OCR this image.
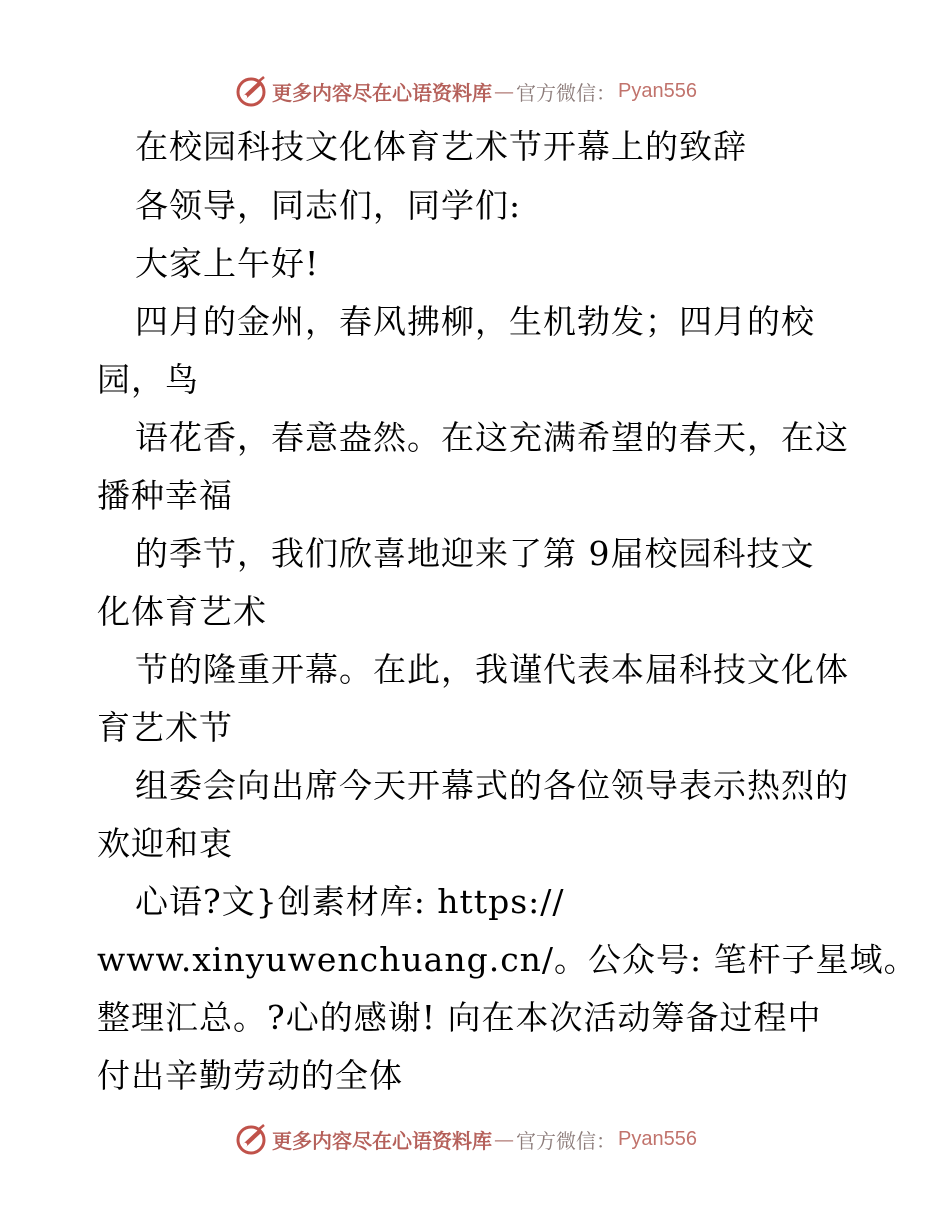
更多内容尽在心语资料库 — 官方微信 ： Pyan556
在校园科技文化体育艺术节开幕上的致辞
各领导，同志们，同学们:
大家上午好!
四月的金州，春风拂柳，生机勃发；四月的校
园，鸟
语花香，春意盎然。在这充满希望的春天，在这
播种幸福
的季节，我们欣喜地迎来了第 9届校园科技文
化体育艺术
节的隆重开幕。在此，我谨代表本届科技文化体
育艺术节
组委会向出席今天开幕式的各位领导表示热烈的
欢迎和衷
心语?文}创素材库: https://
www.xinyuwenchuang.cn/。公众号: 笔杆子星域。
整理汇总。?心的感谢! 向在本次活动筹备过程中
付出辛勤劳动的全体
更多内容尽在心语资料库 — 官方微信 ： Pyan556
